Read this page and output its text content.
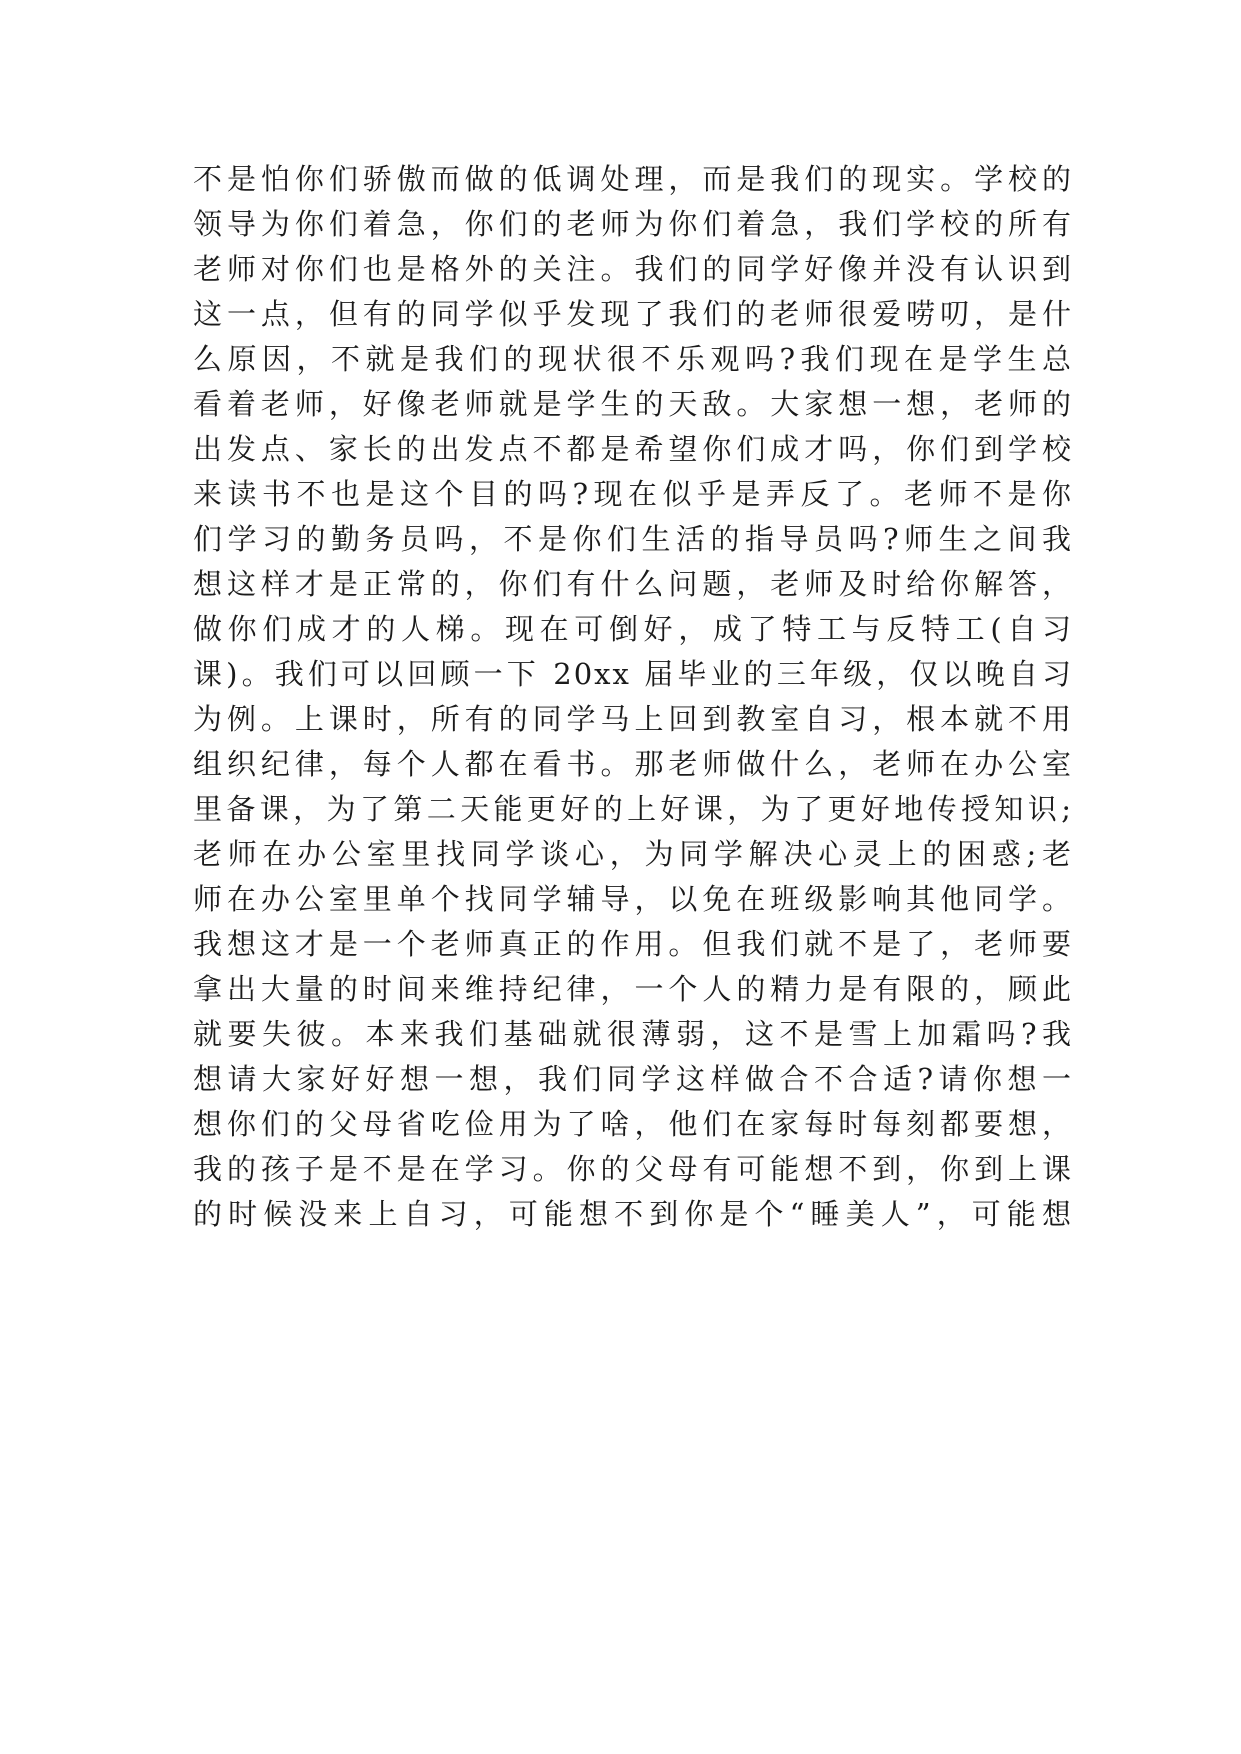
不是怕你们骄傲而做的低调处理，而是我们的现实。学校的
领导为你们着急，你们的老师为你们着急，我们学校的所有
老师对你们也是格外的关注。我们的同学好像并没有认识到
这一点，但有的同学似乎发现了我们的老师很爱唠叨，是什
么原因，不就是我们的现状很不乐观吗?我们现在是学生总
看着老师，好像老师就是学生的天敌。大家想一想，老师的
出发点、家长的出发点不都是希望你们成才吗，你们到学校
来读书不也是这个目的吗?现在似乎是弄反了。老师不是你
们学习的勤务员吗，不是你们生活的指导员吗?师生之间我
想这样才是正常的，你们有什么问题，老师及时给你解答，
做你们成才的人梯。现在可倒好，成了特工与反特工(自习
课)。我们可以回顾一下 20xx 届毕业的三年级，仅以晚自习
为例。上课时，所有的同学马上回到教室自习，根本就不用
组织纪律，每个人都在看书。那老师做什么，老师在办公室
里备课，为了第二天能更好的上好课，为了更好地传授知识;
老师在办公室里找同学谈心，为同学解决心灵上的困惑;老
师在办公室里单个找同学辅导，以免在班级影响其他同学。
我想这才是一个老师真正的作用。但我们就不是了，老师要
拿出大量的时间来维持纪律，一个人的精力是有限的，顾此
就要失彼。本来我们基础就很薄弱，这不是雪上加霜吗?我
想请大家好好想一想，我们同学这样做合不合适?请你想一
想你们的父母省吃俭用为了啥，他们在家每时每刻都要想，
我的孩子是不是在学习。你的父母有可能想不到，你到上课
的时候没来上自习，可能想不到你是个“睡美人”，可能想
